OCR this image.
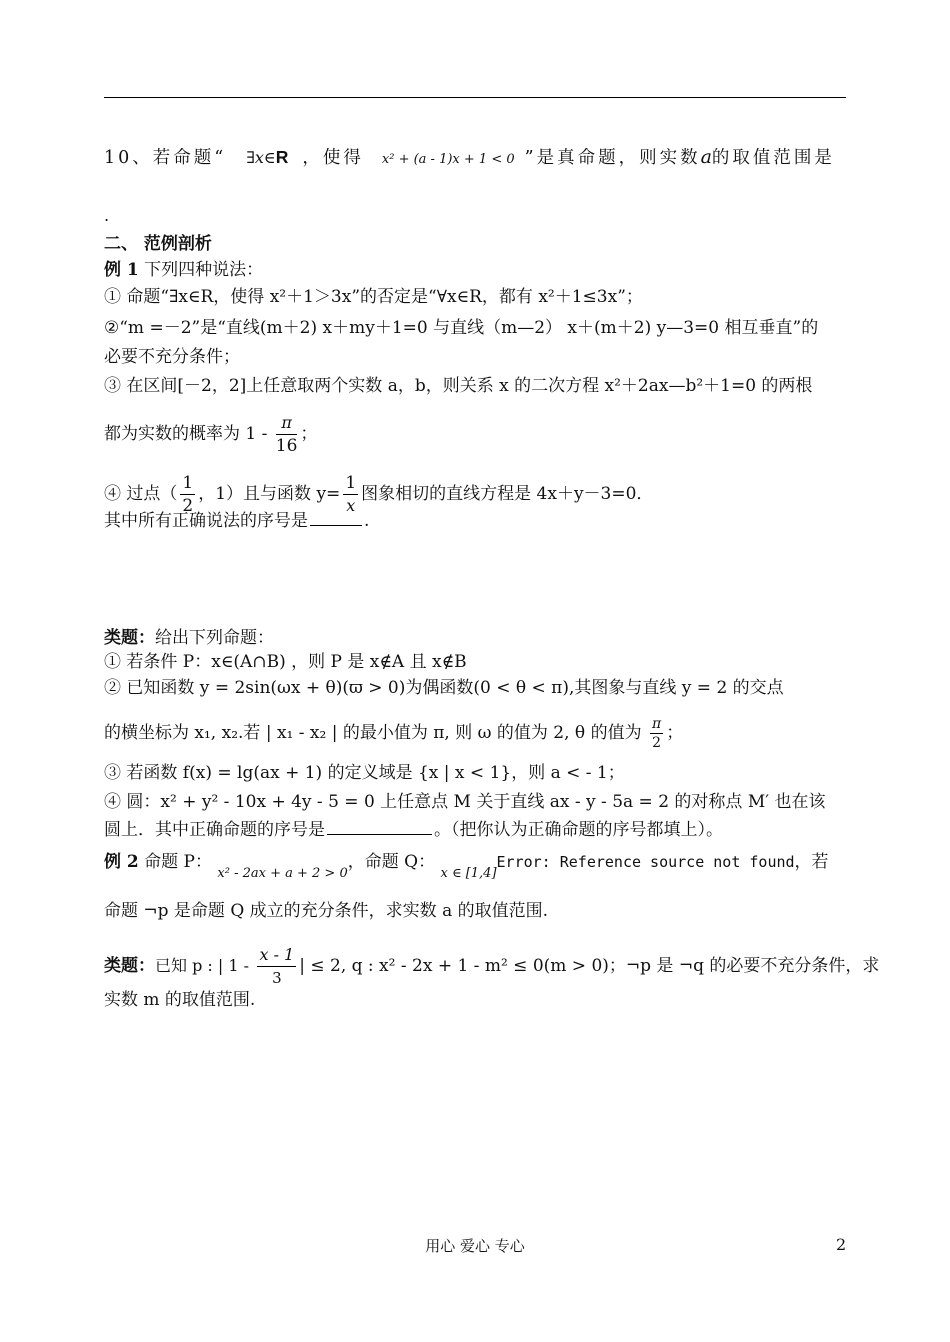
10、若命题“ ∃x∈R ，使得 x² + (a - 1)x + 1 < 0 ”是真命题，则实数a的取值范围是
.
二、 范例剖析
例 1 下列四种说法：
① 命题“∃x∈R，使得 x²＋1＞3x”的否定是“∀x∈R，都有 x²＋1≤3x”；
②“m =－2”是“直线(m＋2) x＋my＋1=0 与直线（m—2） x＋(m＋2) y—3=0 相互垂直”的
必要不充分条件；
③ 在区间[－2，2]上任意取两个实数 a，b，则关系 x 的二次方程 x²＋2ax—b²＋1=0 的两根
都为实数的概率为 $1 - \frac{\pi}{16}$ ；
④ 过点（ $\frac{1}{2}$ ，1）且与函数 $y= \frac{1}{x}$ 图象相切的直线方程是 4x＋y－3=0．
其中所有正确说法的序号是	.
类题：给出下列命题：
① 若条件 P：x∈(A∩B) ，则 P 是 x∉A 且 x∉B
② 已知函数 y = 2sin(ωx + θ)(ϖ > 0)为偶函数(0 < θ < π),其图象与直线 y = 2 的交点
的横坐标为 x₁, x₂.若 | x₁ - x₂ | 的最小值为 π, 则 ω 的值为 2, θ 的值为 $\frac{\pi}{2}$ ；
③ 若函数 f(x) = lg(ax + 1) 的定义域是 {x | x < 1}，则 a < - 1；
④ 圆：x² + y² - 10x + 4y - 5 = 0 上任意点 M 关于直线 ax - y - 5a = 2 的对称点 M′ 也在该
圆上．其中正确命题的序号是	。（把你认为正确命题的序号都填上）。
例 2 命题 P： $_{x^2 - 2ax + a + 2 > 0}$，命题 Q： $_{x \in [1,4]}$Error: Reference source not found，若
命题 ¬p 是命题 Q 成立的充分条件，求实数 a 的取值范围.
类题：已知 p : | $1 - \frac{x - 1}{3}$ | ≤ 2, q : x² - 2x + 1 - m² ≤ 0(m > 0)；¬p 是 ¬q 的必要不充分条件，求
实数 m 的取值范围.
用心 爱心 专心	2
